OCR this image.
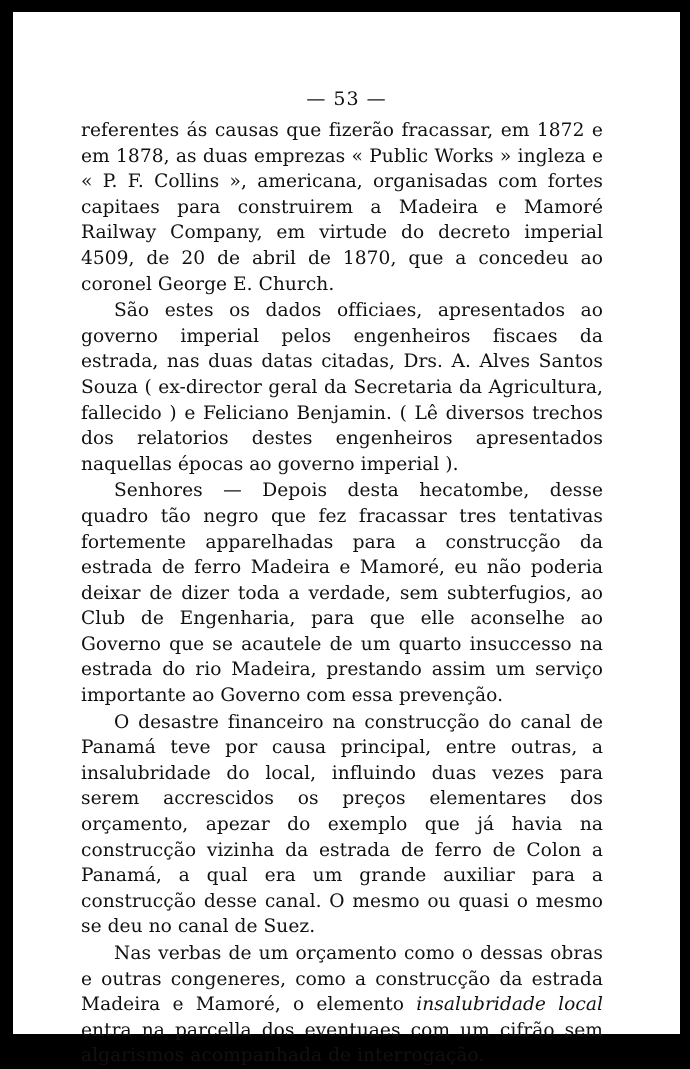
— 53 —

referentes ás causas que fizerão fracassar, em 1872 e em 1878, as duas emprezas « Public Works » ingleza e « P. F. Collins », americana, organisadas com fortes capitaes para construirem a Madeira e Mamoré Railway Company, em virtude do decreto imperial 4509, de 20 de abril de 1870, que a concedeu ao coronel George E. Church.

São estes os dados officiaes, apresentados ao governo imperial pelos engenheiros fiscaes da estrada, nas duas datas citadas, Drs. A. Alves Santos Souza ( ex-director geral da Secretaria da Agricultura, fallecido ) e Feliciano Benjamin. ( Lê diversos trechos dos relatorios destes engenheiros apresentados naquellas épocas ao governo imperial ).

Senhores — Depois desta hecatombe, desse quadro tão negro que fez fracassar tres tentativas fortemente apparelhadas para a construcção da estrada de ferro Madeira e Mamoré, eu não poderia deixar de dizer toda a verdade, sem subterfugios, ao Club de Engenharia, para que elle aconselhe ao Governo que se acautele de um quarto insuccesso na estrada do rio Madeira, prestando assim um serviço importante ao Governo com essa prevenção.

O desastre financeiro na construcção do canal de Panamá teve por causa principal, entre outras, a insalubridade do local, influindo duas vezes para serem accrescidos os preços elementares dos orçamento, apezar do exemplo que já havia na construcção vizinha da estrada de ferro de Colon a Panamá, a qual era um grande auxiliar para a construcção desse canal. O mesmo ou quasi o mesmo se deu no canal de Suez.

Nas verbas de um orçamento como o dessas obras e outras congeneres, como a construcção da estrada Madeira e Mamoré, o elemento insalubridade local entra na parcella dos eventuaes com um cifrão sem algarismos acompanhada de interrogação.
